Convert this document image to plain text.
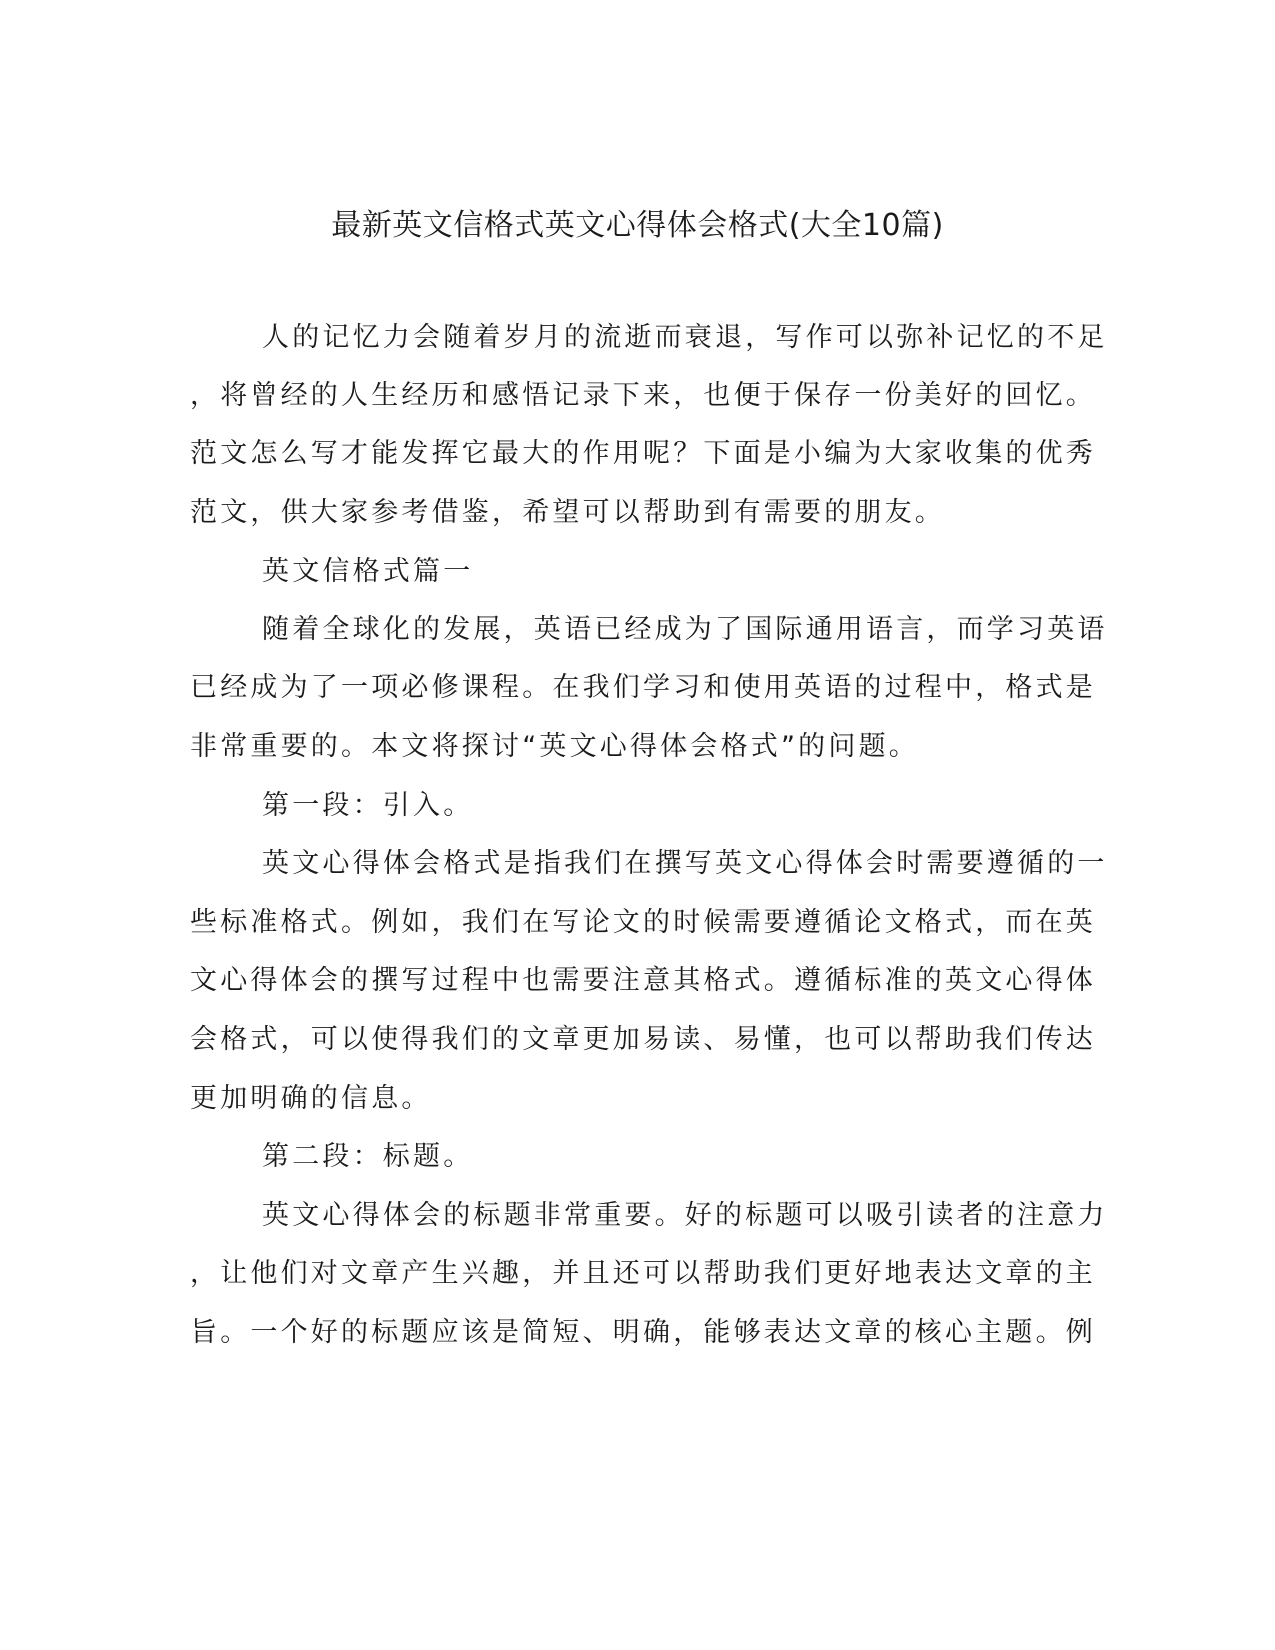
最新英文信格式英文心得体会格式(大全10篇)

人的记忆力会随着岁月的流逝而衰退，写作可以弥补记忆的不足

，将曾经的人生经历和感悟记录下来，也便于保存一份美好的回忆。

范文怎么写才能发挥它最大的作用呢？下面是小编为大家收集的优秀

范文，供大家参考借鉴，希望可以帮助到有需要的朋友。

英文信格式篇一

随着全球化的发展，英语已经成为了国际通用语言，而学习英语

已经成为了一项必修课程。在我们学习和使用英语的过程中，格式是

非常重要的。本文将探讨“英文心得体会格式”的问题。

第一段：引入。

英文心得体会格式是指我们在撰写英文心得体会时需要遵循的一

些标准格式。例如，我们在写论文的时候需要遵循论文格式，而在英

文心得体会的撰写过程中也需要注意其格式。遵循标准的英文心得体

会格式，可以使得我们的文章更加易读、易懂，也可以帮助我们传达

更加明确的信息。

第二段：标题。

英文心得体会的标题非常重要。好的标题可以吸引读者的注意力

，让他们对文章产生兴趣，并且还可以帮助我们更好地表达文章的主

旨。一个好的标题应该是简短、明确，能够表达文章的核心主题。例
